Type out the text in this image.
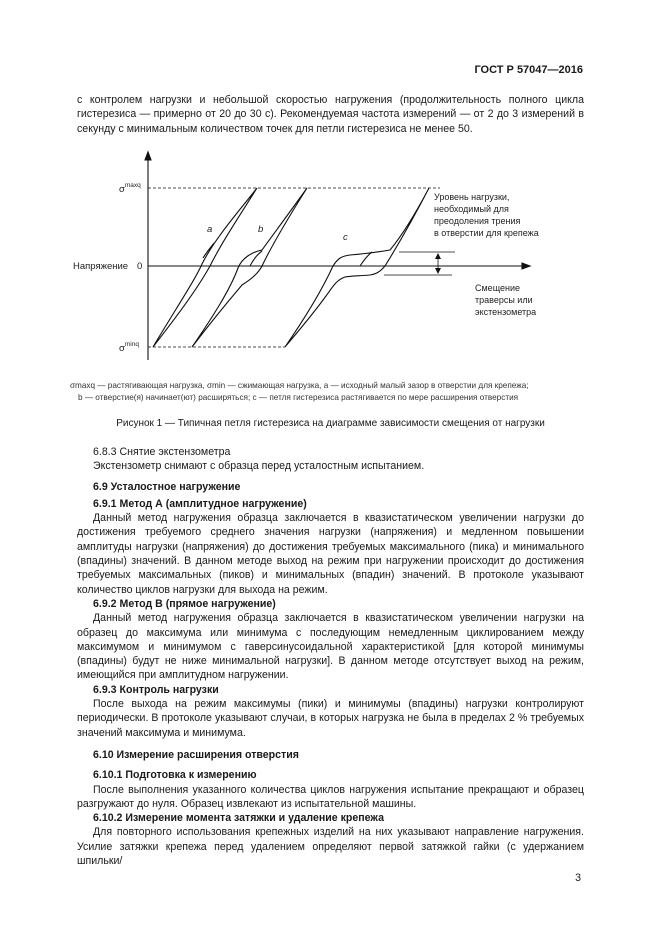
ГОСТ Р 57047—2016

с контролем нагрузки и небольшой скоростью нагружения (продолжительность полного цикла гистерезиса — примерно от 20 до 30 с). Рекомендуемая частота измерений — от 2 до 3 измерений в секунду с минимальным количеством точек для петли гистерезиса не менее 50.

$\sigma^{maxq}$
$\sigma^{minq}$
Напряжение 0
a	b
c
Уровень нагрузки,
необходимый для
преодоления трения
в отверстии для крепежа
Смещение
траверсы или
экстензометра
σmaxq — растягивающая нагрузка, σmin — сжимающая нагрузка, a — исходный малый зазор в отверстии для крепежа;
b — отверстие(я) начинает(ют) расширяться; c — петля гистерезиса растягивается по мере расширения отверстия
Рисунок 1 — Типичная петля гистерезиса на диаграмме зависимости смещения от нагрузки

6.8.3 Снятие экстензометра

Экстензометр снимают с образца перед усталостным испытанием.

6.9 Усталостное нагружение

6.9.1 Метод А (амплитудное нагружение)

Данный метод нагружения образца заключается в квазистатическом увеличении нагрузки до достижения требуемого среднего значения нагрузки (напряжения) и медленном повышении амплитуды нагрузки (напряжения) до достижения требуемых максимального (пика) и минимального (впадины) значений. В данном методе выход на режим при нагружении происходит до достижения требуемых максимальных (пиков) и минимальных (впадин) значений. В протоколе указывают количество циклов нагрузки для выхода на режим.

6.9.2 Метод В (прямое нагружение)

Данный метод нагружения образца заключается в квазистатическом увеличении нагрузки на образец до максимума или минимума с последующим немедленным циклированием между максимумом и минимумом с гаверсинусоидальной характеристикой [для которой минимумы (впадины) будут не ниже минимальной нагрузки]. В данном методе отсутствует выход на режим, имеющийся при амплитудном нагружении.

6.9.3 Контроль нагрузки

После выхода на режим максимумы (пики) и минимумы (впадины) нагрузки контролируют периодически. В протоколе указывают случаи, в которых нагрузка не была в пределах 2 % требуемых значений максимума и минимума.

6.10 Измерение расширения отверстия

6.10.1 Подготовка к измерению

После выполнения указанного количества циклов нагружения испытание прекращают и образец разгружают до нуля. Образец извлекают из испытательной машины.

6.10.2 Измерение момента затяжки и удаление крепежа

Для повторного использования крепежных изделий на них указывают направление нагружения. Усилие затяжки крепежа перед удалением определяют первой затяжкой гайки (с удержанием шпильки/

3
